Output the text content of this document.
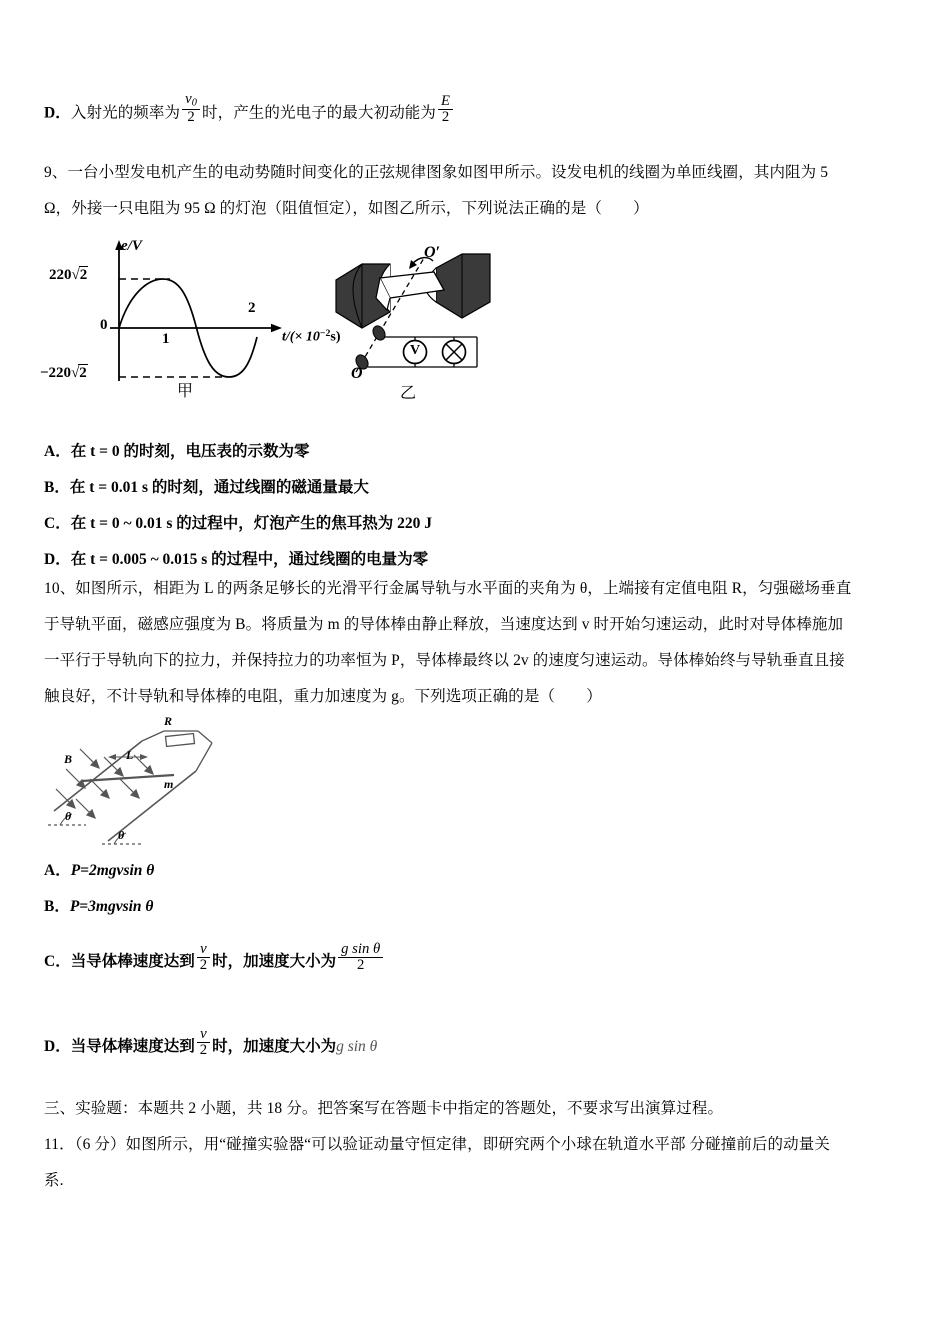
D．入射光的频率为 $\frac{\nu_0}{2}$ 时，产生的光电子的最大初动能为 $\frac{E}{2}$
9、一台小型发电机产生的电动势随时间变化的正弦规律图象如图甲所示。设发电机的线圈为单匝线圈，其内阻为 5
Ω，外接一只电阻为 95 Ω 的灯泡（阻值恒定），如图乙所示，下列说法正确的是（　　）
e/V
220√2
−220√2
0
1
2
$t/(\times 10^{-2}s)$
甲
O′
O
V
乙
A．在 t = 0 的时刻，电压表的示数为零
B．在 t = 0.01 s 的时刻，通过线圈的磁通量最大
C．在 t = 0 ~ 0.01 s 的过程中，灯泡产生的焦耳热为 220 J
D．在 t = 0.005 ~ 0.015 s 的过程中，通过线圈的电量为零
10、如图所示，相距为 L 的两条足够长的光滑平行金属导轨与水平面的夹角为 θ，上端接有定值电阻 R，匀强磁场垂直
于导轨平面，磁感应强度为 B。将质量为 m 的导体棒由静止释放，当速度达到 v 时开始匀速运动，此时对导体棒施加
一平行于导轨向下的拉力，并保持拉力的功率恒为 P，导体棒最终以 2v 的速度匀速运动。导体棒始终与导轨垂直且接
触良好，不计导轨和导体棒的电阻，重力加速度为 g。下列选项正确的是（　　）
R
L
B
m
θ
θ
A．P=2mgvsin θ
B．P=3mgvsin θ
C．当导体棒速度达到 $\frac{v}{2}$ 时，加速度大小为 $\frac{\text{g sin θ}}{2}$
D．当导体棒速度达到 $\frac{v}{2}$ 时，加速度大小为g sin θ
三、实验题：本题共 2 小题，共 18 分。把答案写在答题卡中指定的答题处，不要求写出演算过程。
11．（6 分）如图所示，用“碰撞实验器“可以验证动量守恒定律，即研究两个小球在轨道水平部 分碰撞前后的动量关
系.
